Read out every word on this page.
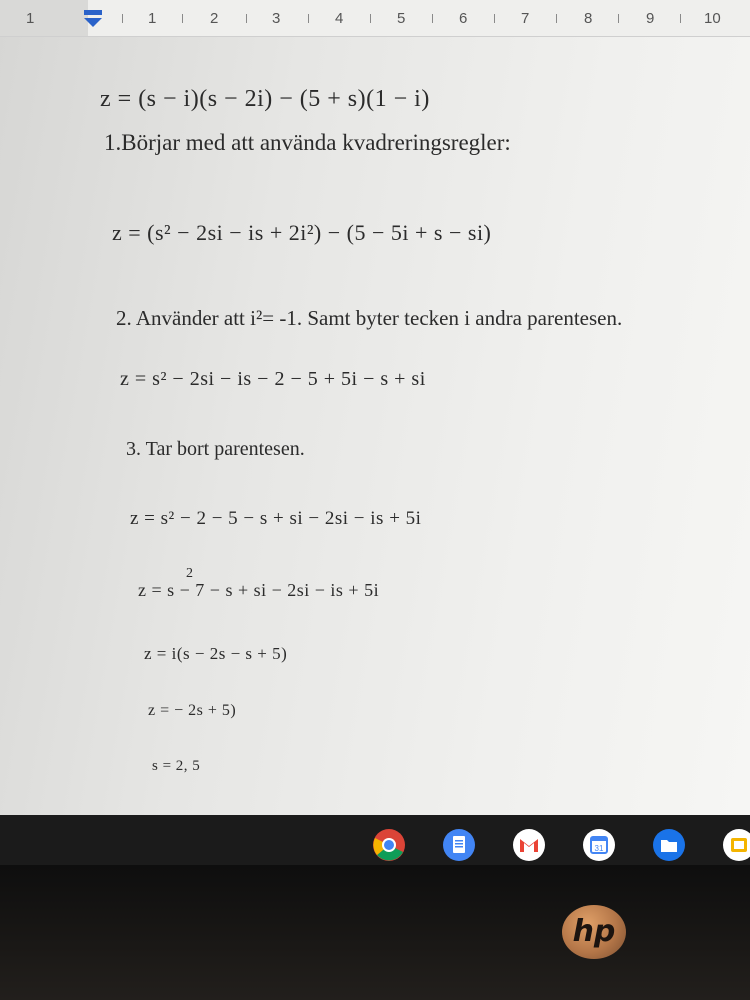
1	1	2	3	4	5	6	7	8	9	10
z = (s − i)(s − 2i) − (5 + s)(1 − i)
1.Börjar med att använda kvadreringsregler:
z = (s² − 2si − is + 2i²) − (5 − 5i + s − si)
2. Använder att i²= -1. Samt byter tecken i andra parentesen.
z = s² − 2si − is − 2 − 5 + 5i − s + si
3. Tar bort parentesen.
z = s² − 2 − 5 − s + si − 2si − is + 5i
2
z = s − 7 − s + si − 2si − is + 5i
z = i(s − 2s − s + 5)
z = − 2s + 5)
s = 2, 5
31
hp
